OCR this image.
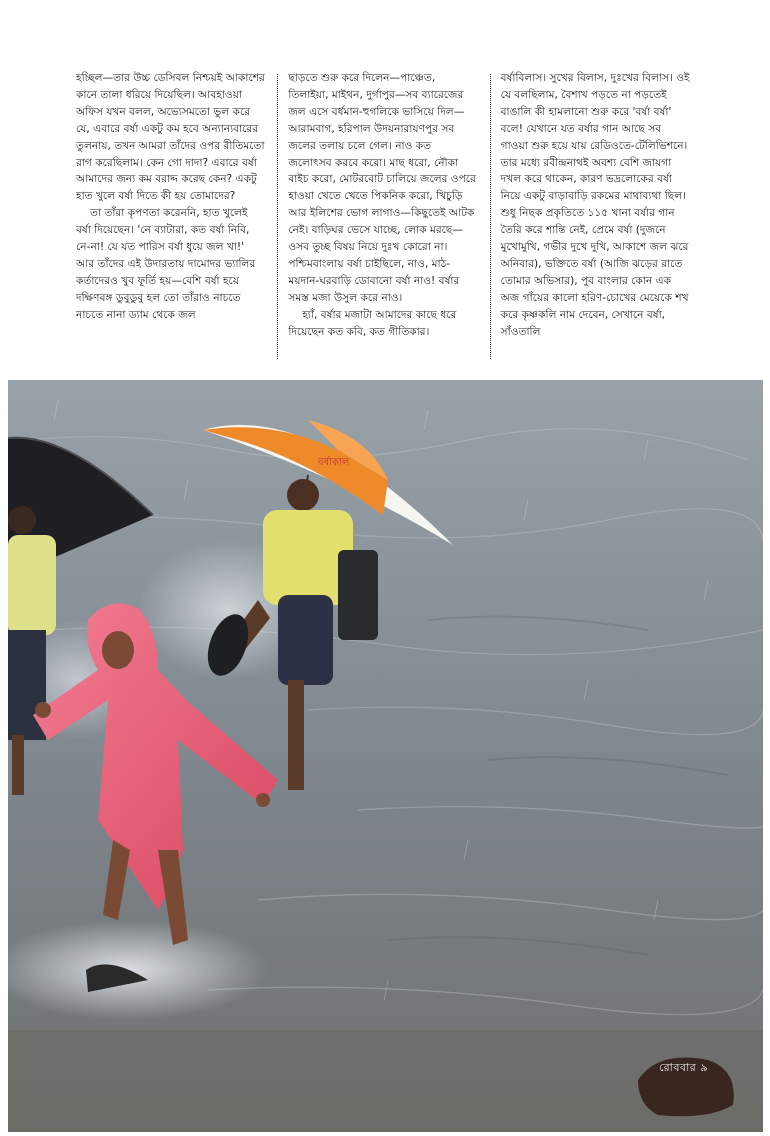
হচ্ছিল—তার উচ্চ ডেসিবল নিশ্চয়ই আকাশের কানে তালা ধরিয়ে দিয়েছিল। আবহাওয়া অফিস যখন বলল, অভ্যেসমতো ভুল করে যে, এবারে বর্ষা একটু কম হবে অন্যান্যবারের তুলনায়, তখন আমরা তাঁদের ওপর রীতিমতো রাগ করেছিলাম। কেন গো দাদা? এবারে বর্ষা আমাদের জন্য কম বরাদ্দ করেছ কেন? একটু হাত খুলে বর্ষা দিতে কী হয় তোমাদের?

তা তাঁরা কৃপণতা করেননি, হাত খুলেই বর্ষা দিয়েছেন। 'নে ব্যাটারা, কত বর্ষা নিবি, নে-না! যে যত পারিস বর্ষা ধুয়ে জল খা!' আর তাঁদের এই উদারতায় দামোদর ভ্যালির কর্তাদেরও খুব ফূর্তি হয়—বেশি বর্ষা হয়ে দক্ষিণবঙ্গ ডুবুডুবু হল তো তাঁরাও নাচতে নাচতে নানা ড্যাম থেকে জল

ছাড়তে শুরু করে দিলেন—পাঞ্চেত, তিলাইয়া, মাইথন, দুর্গাপুর—সব ব্যারেজের জল এসে বর্ধমান-হুগলিকে ভাসিয়ে দিল—আরামবাগ, হরিপাল উদয়নারায়ণপুর সব জলের তলায় চলে গেল। নাও কত জলোৎসব করবে করো। মাছ ধরো, নৌকা বাইচ করো, মোটরবোট চালিয়ে জলের ওপরে হাওয়া খেতে খেতে পিকনিক করো, খিচুড়ি আর ইলিশের ভোগ লাগাও—কিছুতেই আটক নেই। বাড়িঘর ভেসে যাচ্ছে, লোক মরছে—ওসব তুচ্ছ বিষয় নিয়ে দুঃখ কোরো না। পশ্চিমবাংলায় বর্ষা চাইছিলে, নাও, মাঠ-ময়দান-ঘরবাড়ি ডোবানো বর্ষা নাও! বর্ষার সমস্ত মজা উসুল করে নাও।

হ্যাঁ, বর্ষার মজাটা আমাদের কাছে ধরে দিয়েছেন কত কবি, কত গীতিকার।

বর্ষাবিলাস। সুখের বিলাস, দুঃখের বিলাস। ওই যে বলছিলাম, বৈশাখ পড়তে না পড়তেই বাঙালি কী হামলানো শুরু করে 'বর্ষা বর্ষা' বলে! যেখানে যত বর্ষার গান আছে সব গাওয়া শুরু হয়ে যায় রেডিওতে-টেলিভিশনে। তার মধ্যে রবীন্দ্রনাথই অবশ্য বেশি জায়গা দখল করে থাকেন, কারণ ভদ্রলোকের বর্ষা নিয়ে একটু বাড়াবাড়ি রকমের মাথাব্যথা ছিল। শুধু নিছক প্রকৃতিতে ১১৫ খানা বর্ষার গান তৈরি করে শান্তি নেই, প্রেমে বর্ষা (দুজনে মুখোমুখি, গভীর দুখে দুখি, আকাশে জল ঝরে অনিবার), ভক্তিতে বর্ষা (আজি ঝড়ের রাতে তোমার অভিসার), পুব বাংলার কোন এক অজ গাঁয়ের কালো হরিণ-চোখের মেয়েকে শখ করে কৃষ্ণকলি নাম দেবেন, সেখানে বর্ষা, সাঁওতালি

বর্ষাকাল
রোববার ৯
